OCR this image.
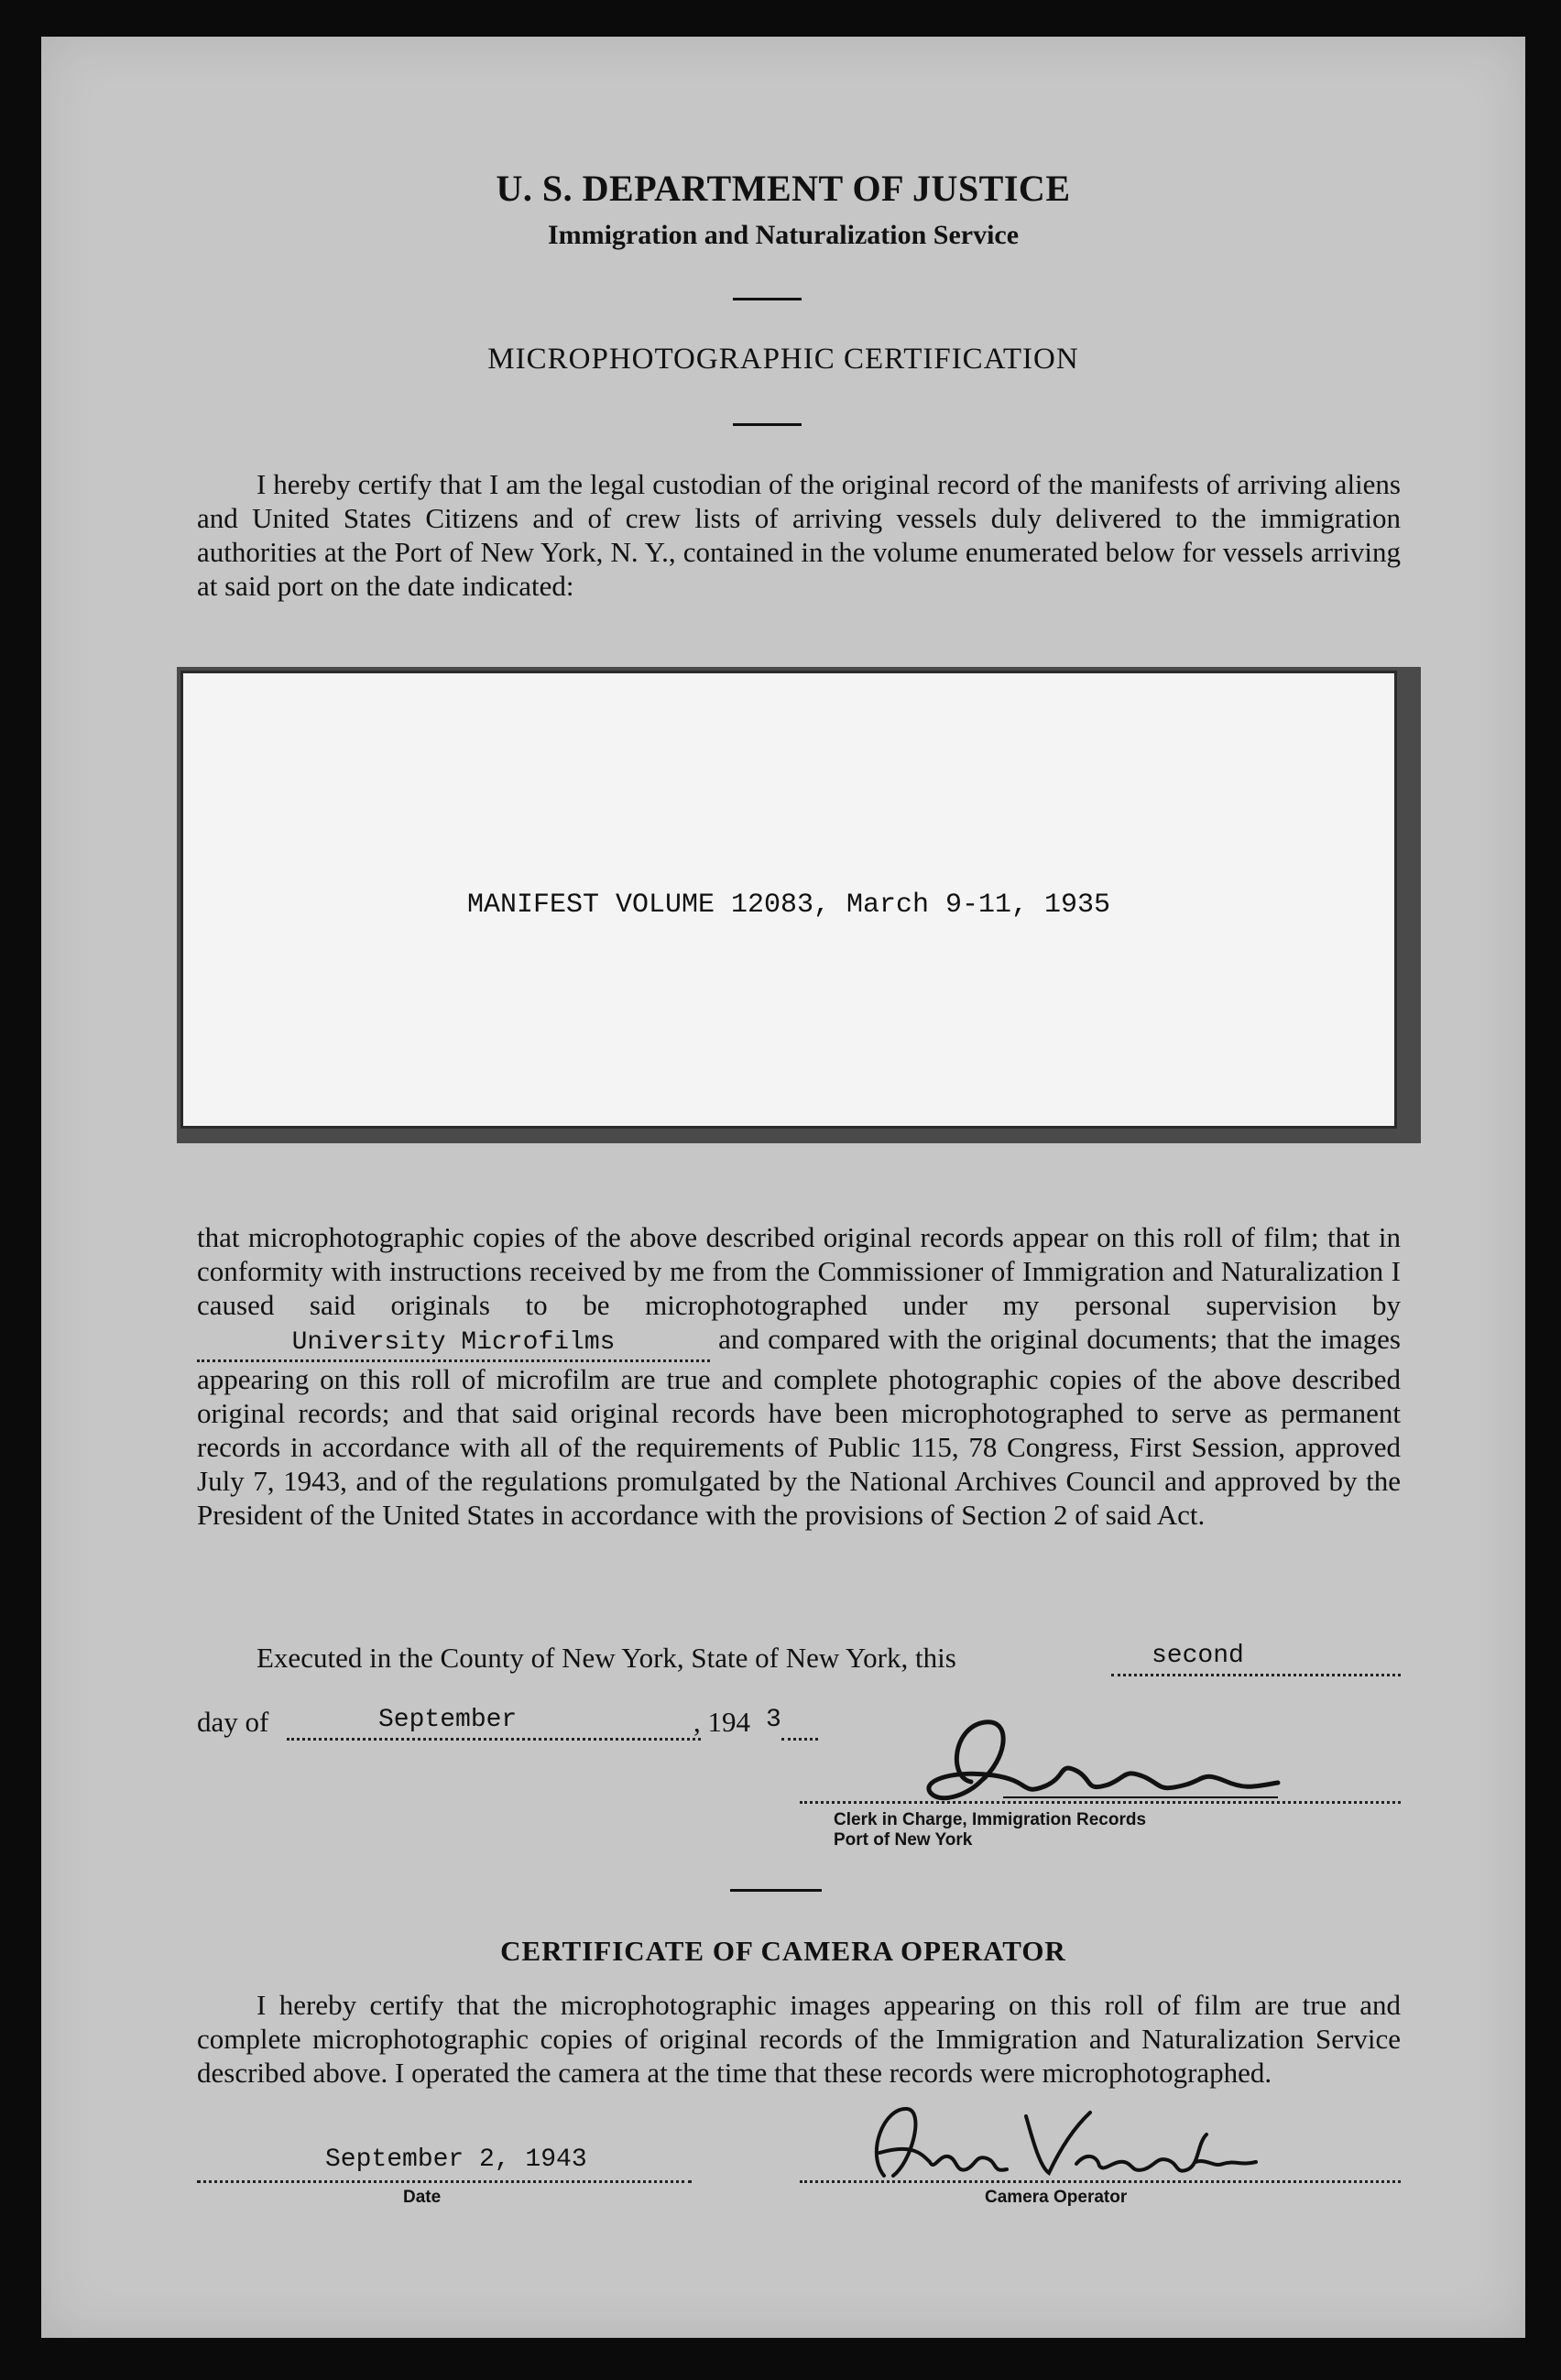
U. S. DEPARTMENT OF JUSTICE
Immigration and Naturalization Service
MICROPHOTOGRAPHIC CERTIFICATION
I hereby certify that I am the legal custodian of the original record of the manifests of arriving aliens and United States Citizens and of crew lists of arriving vessels duly delivered to the immigration authorities at the Port of New York, N. Y., contained in the volume enumerated below for vessels arriving at said port on the date indicated:
MANIFEST VOLUME 12083, March 9-11, 1935
that microphotographic copies of the above described original records appear on this roll of film; that in conformity with instructions received by me from the Commissioner of Immigration and Naturalization I caused said originals to be microphotographed under my personal supervision by University Microfilms	and compared with the original documents; that the images appearing on this roll of microfilm are true and complete photographic copies of the above described original records; and that said original records have been microphotographed to serve as permanent records in accordance with all of the requirements of Public 115, 78 Congress, First Session, approved July 7, 1943, and of the regulations promulgated by the National Archives Council and approved by the President of the United States in accordance with the provisions of Section 2 of said Act.
Executed in the County of New York, State of New York, this	second
day of	September	, 194 3
Clerk in Charge, Immigration Records
Port of New York
CERTIFICATE OF CAMERA OPERATOR
I hereby certify that the microphotographic images appearing on this roll of film are true and complete microphotographic copies of original records of the Immigration and Naturalization Service described above. I operated the camera at the time that these records were microphotographed.
September 2, 1943
Date	Camera Operator
